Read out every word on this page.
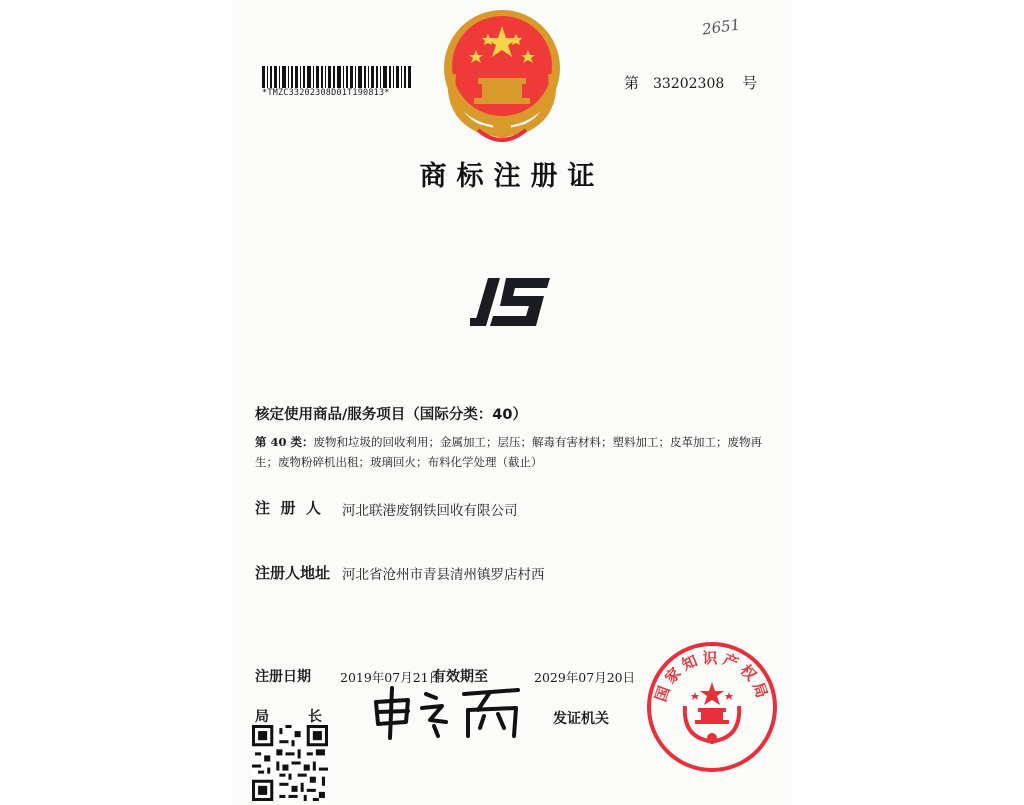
*TMZC33202308D01T190813*
2651
第 33202308 号
商标注册证
核定使用商品/服务项目（国际分类：40）
第 40 类：废物和垃圾的回收利用；金属加工；层压；解毒有害材料；塑料加工；皮革加工；废物再
生；废物粉碎机出租；玻璃回火；布料化学处理（截止）
注  册  人 河北联港废钢铁回收有限公司
注册人地址 河北省沧州市青县清州镇罗店村西
注册日期 2019年07月21日
有效期至	2029年07月20日
局        长	发证机关
国家知识产权局
